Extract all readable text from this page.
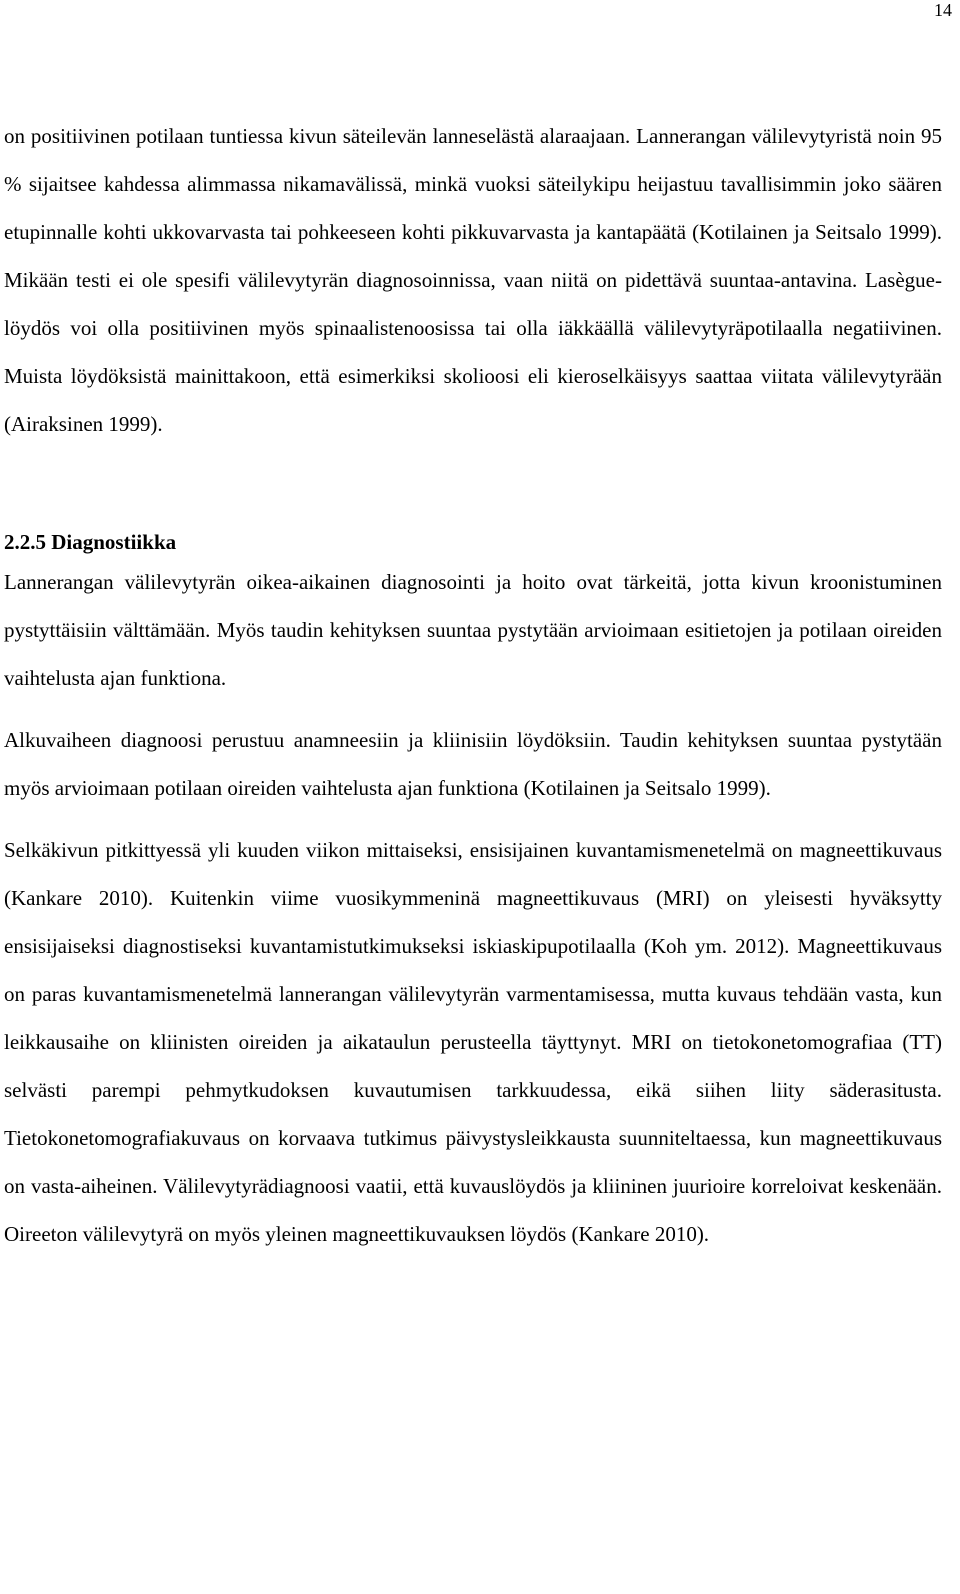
14

on positiivinen potilaan tuntiessa kivun säteilevän lanneselästä alaraajaan. Lannerangan välilevytyristä noin 95 % sijaitsee kahdessa alimmassa nikamavälissä, minkä vuoksi säteilykipu heijastuu tavallisimmin joko säären etupinnalle kohti ukkovarvasta tai pohkeeseen kohti pikkuvarvasta ja kantapäätä (Kotilainen ja Seitsalo 1999). Mikään testi ei ole spesifi välilevytyrän diagnosoinnissa, vaan niitä on pidettävä suuntaa-antavina. Lasègue-löydös voi olla positiivinen myös spinaalistenoosissa tai olla iäkkäällä välilevytyräpotilaalla negatiivinen. Muista löydöksistä mainittakoon, että esimerkiksi skolioosi eli kieroselkäisyys saattaa viitata välilevytyrään (Airaksinen 1999).

2.2.5 Diagnostiikka

Lannerangan välilevytyrän oikea-aikainen diagnosointi ja hoito ovat tärkeitä, jotta kivun kroonistuminen pystyttäisiin välttämään. Myös taudin kehityksen suuntaa pystytään arvioimaan esitietojen ja potilaan oireiden vaihtelusta ajan funktiona.

Alkuvaiheen diagnoosi perustuu anamneesiin ja kliinisiin löydöksiin. Taudin kehityksen suuntaa pystytään myös arvioimaan potilaan oireiden vaihtelusta ajan funktiona (Kotilainen ja Seitsalo 1999).

Selkäkivun pitkittyessä yli kuuden viikon mittaiseksi, ensisijainen kuvantamismenetelmä on magneettikuvaus (Kankare 2010). Kuitenkin viime vuosikymmeninä magneettikuvaus (MRI) on yleisesti hyväksytty ensisijaiseksi diagnostiseksi kuvantamistutkimukseksi iskiaskipupotilaalla (Koh ym. 2012). Magneettikuvaus on paras kuvantamismenetelmä lannerangan välilevytyrän varmentamisessa, mutta kuvaus tehdään vasta, kun leikkausaihe on kliinisten oireiden ja aikataulun perusteella täyttynyt. MRI on tietokonetomografiaa (TT) selvästi parempi pehmytkudoksen kuvautumisen tarkkuudessa, eikä siihen liity säderasitusta. Tietokonetomografiakuvaus on korvaava tutkimus päivystysleikkausta suunniteltaessa, kun magneettikuvaus on vasta-aiheinen. Välilevytyrädiagnoosi vaatii, että kuvauslöydös ja kliininen juurioire korreloivat keskenään. Oireeton välilevytyrä on myös yleinen magneettikuvauksen löydös (Kankare 2010).
